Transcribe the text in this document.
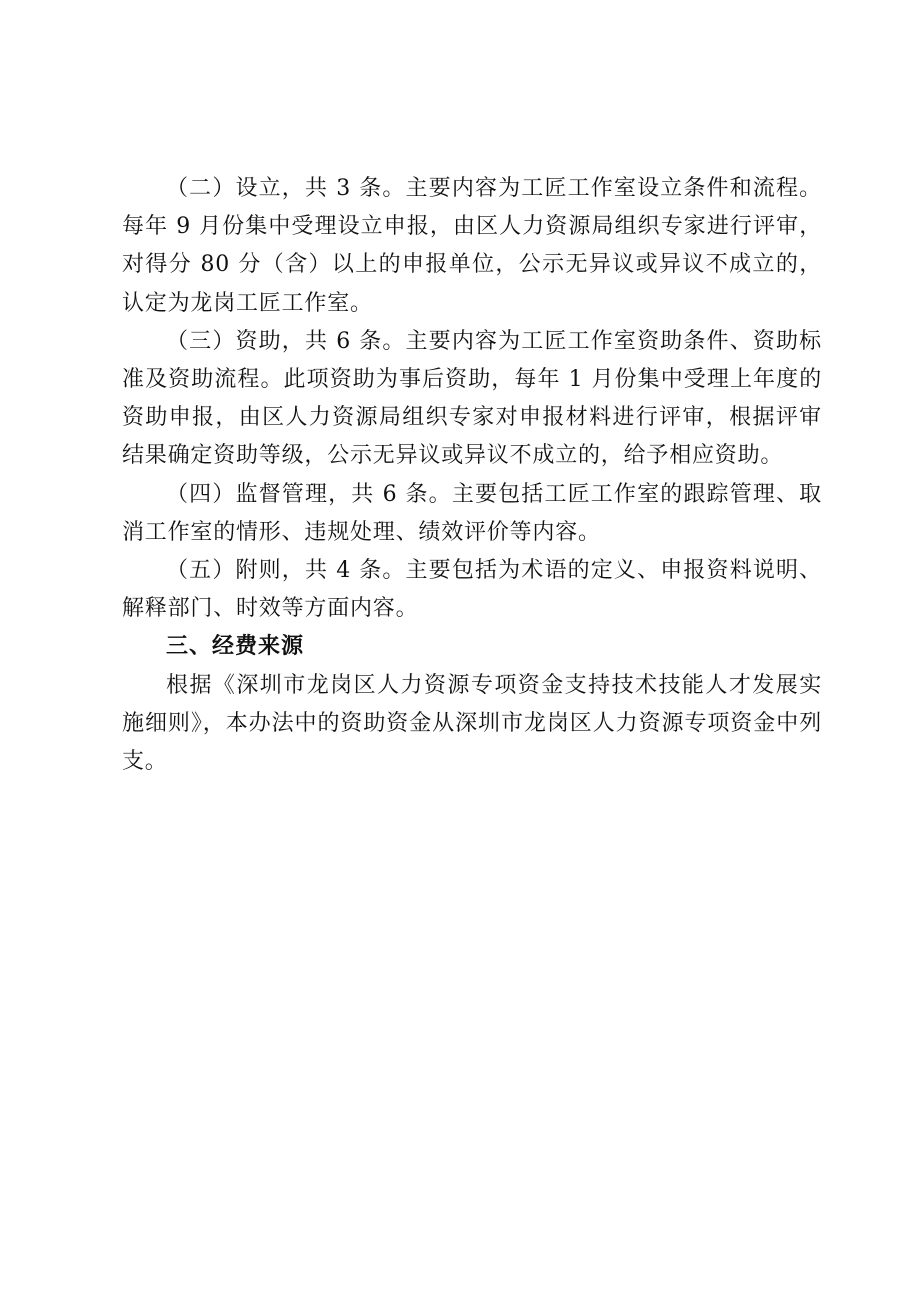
（二）设立，共 3 条。主要内容为工匠工作室设立条件和流程。每年 9 月份集中受理设立申报，由区人力资源局组织专家进行评审，对得分 80 分（含）以上的申报单位，公示无异议或异议不成立的，认定为龙岗工匠工作室。

（三）资助，共 6 条。主要内容为工匠工作室资助条件、资助标准及资助流程。此项资助为事后资助，每年 1 月份集中受理上年度的资助申报，由区人力资源局组织专家对申报材料进行评审，根据评审结果确定资助等级，公示无异议或异议不成立的，给予相应资助。

（四）监督管理，共 6 条。主要包括工匠工作室的跟踪管理、取消工作室的情形、违规处理、绩效评价等内容。

（五）附则，共 4 条。主要包括为术语的定义、申报资料说明、解释部门、时效等方面内容。

三、经费来源

根据《深圳市龙岗区人力资源专项资金支持技术技能人才发展实施细则》，本办法中的资助资金从深圳市龙岗区人力资源专项资金中列支。
